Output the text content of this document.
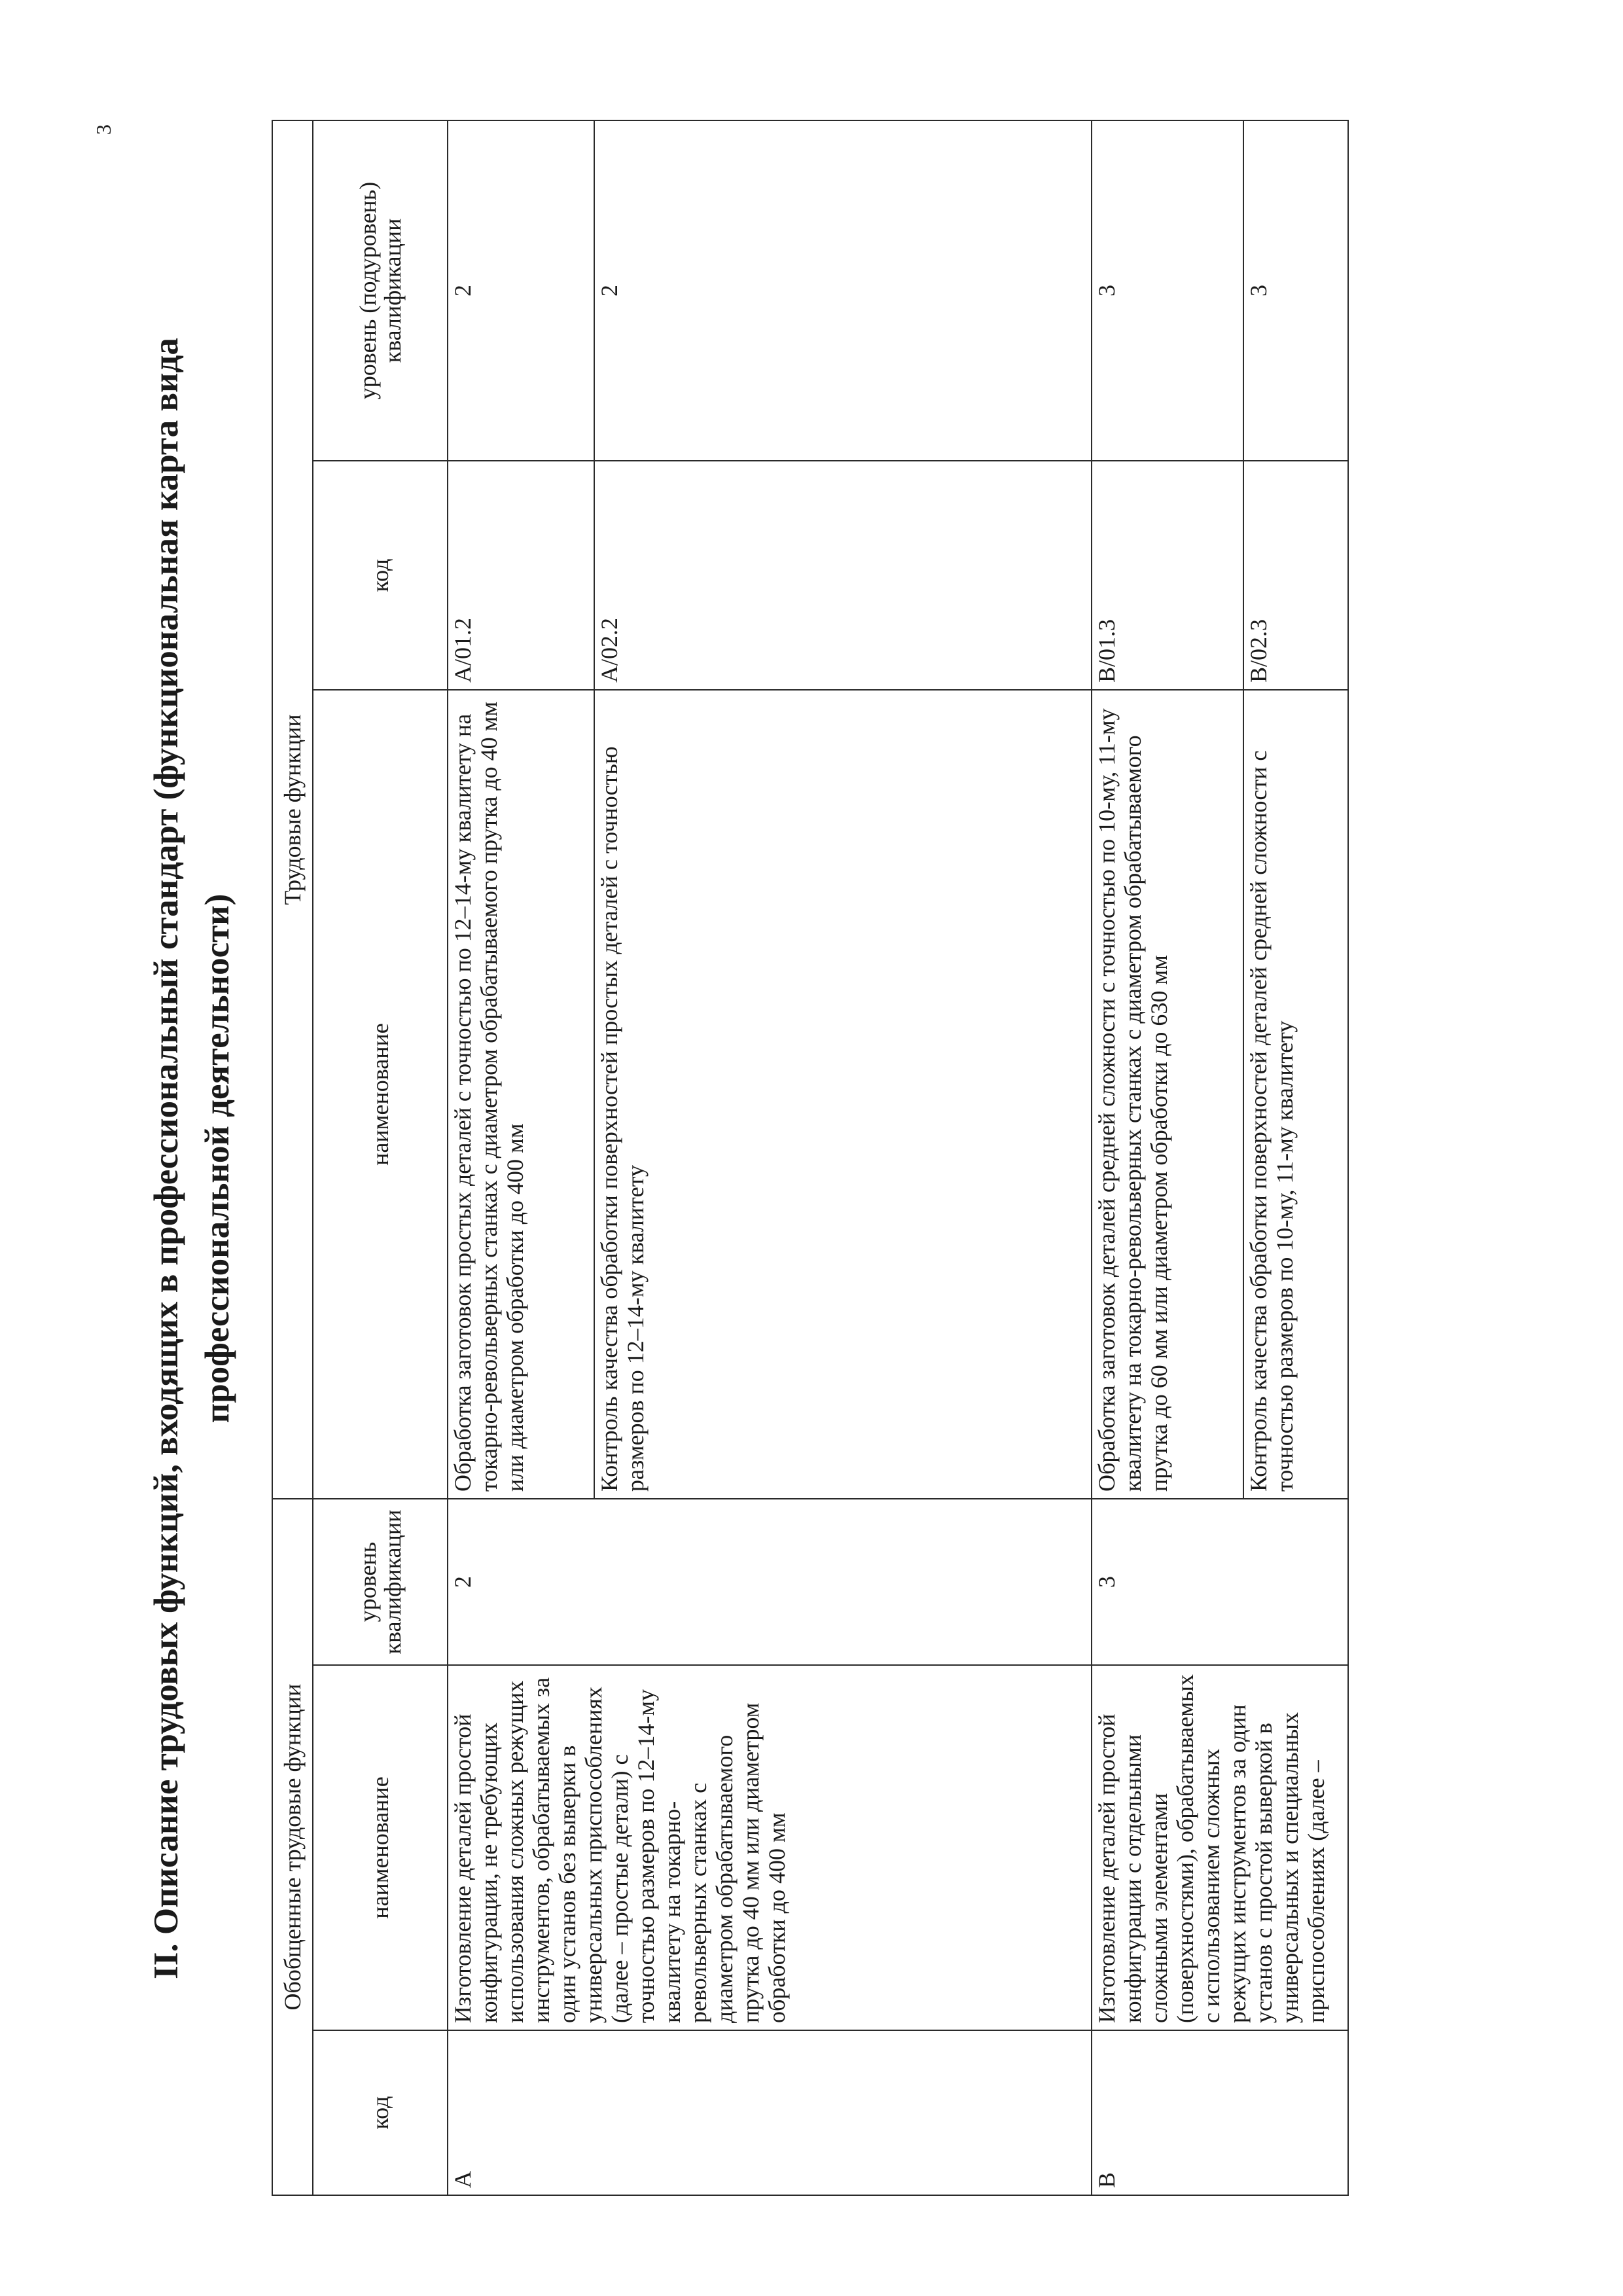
3
II. Описание трудовых функций, входящих в профессиональный стандарт (функциональная карта вида профессиональной деятельности)
Обобщенные трудовые функции			Трудовые функции		
код	наименование	уровень квалификации	наименование	код	уровень (подуровень) квалификации
A	Изготовление деталей простой конфигурации, не требующих использования сложных режущих инструментов, обрабатываемых за один установ без выверки в универсальных приспособлениях (далее – простые детали) с точностью размеров по 12–14-му квалитету на токарно-револьверных станках с диаметром обрабатываемого прутка до 40 мм или диаметром обработки до 400 мм	2	Обработка заготовок простых деталей с точностью по 12–14-му квалитету на токарно-револьверных станках с диаметром обрабатываемого прутка до 40 мм или диаметром обработки до 400 мм	A/01.2	2
			Контроль качества обработки поверхностей простых деталей с точностью размеров по 12–14-му квалитету	A/02.2	2
B	Изготовление деталей простой конфигурации с отдельными сложными элементами (поверхностями), обрабатываемых с использованием сложных режущих инструментов за один установ с простой выверкой в универсальных и специальных приспособлениях (далее –	3	Обработка заготовок деталей средней сложности с точностью по 10-му, 11-му квалитету на токарно-револьверных станках с диаметром обрабатываемого прутка до 60 мм или диаметром обработки до 630 мм	B/01.3	3
			Контроль качества обработки поверхностей деталей средней сложности с точностью размеров по 10-му, 11-му квалитету	B/02.3	3
